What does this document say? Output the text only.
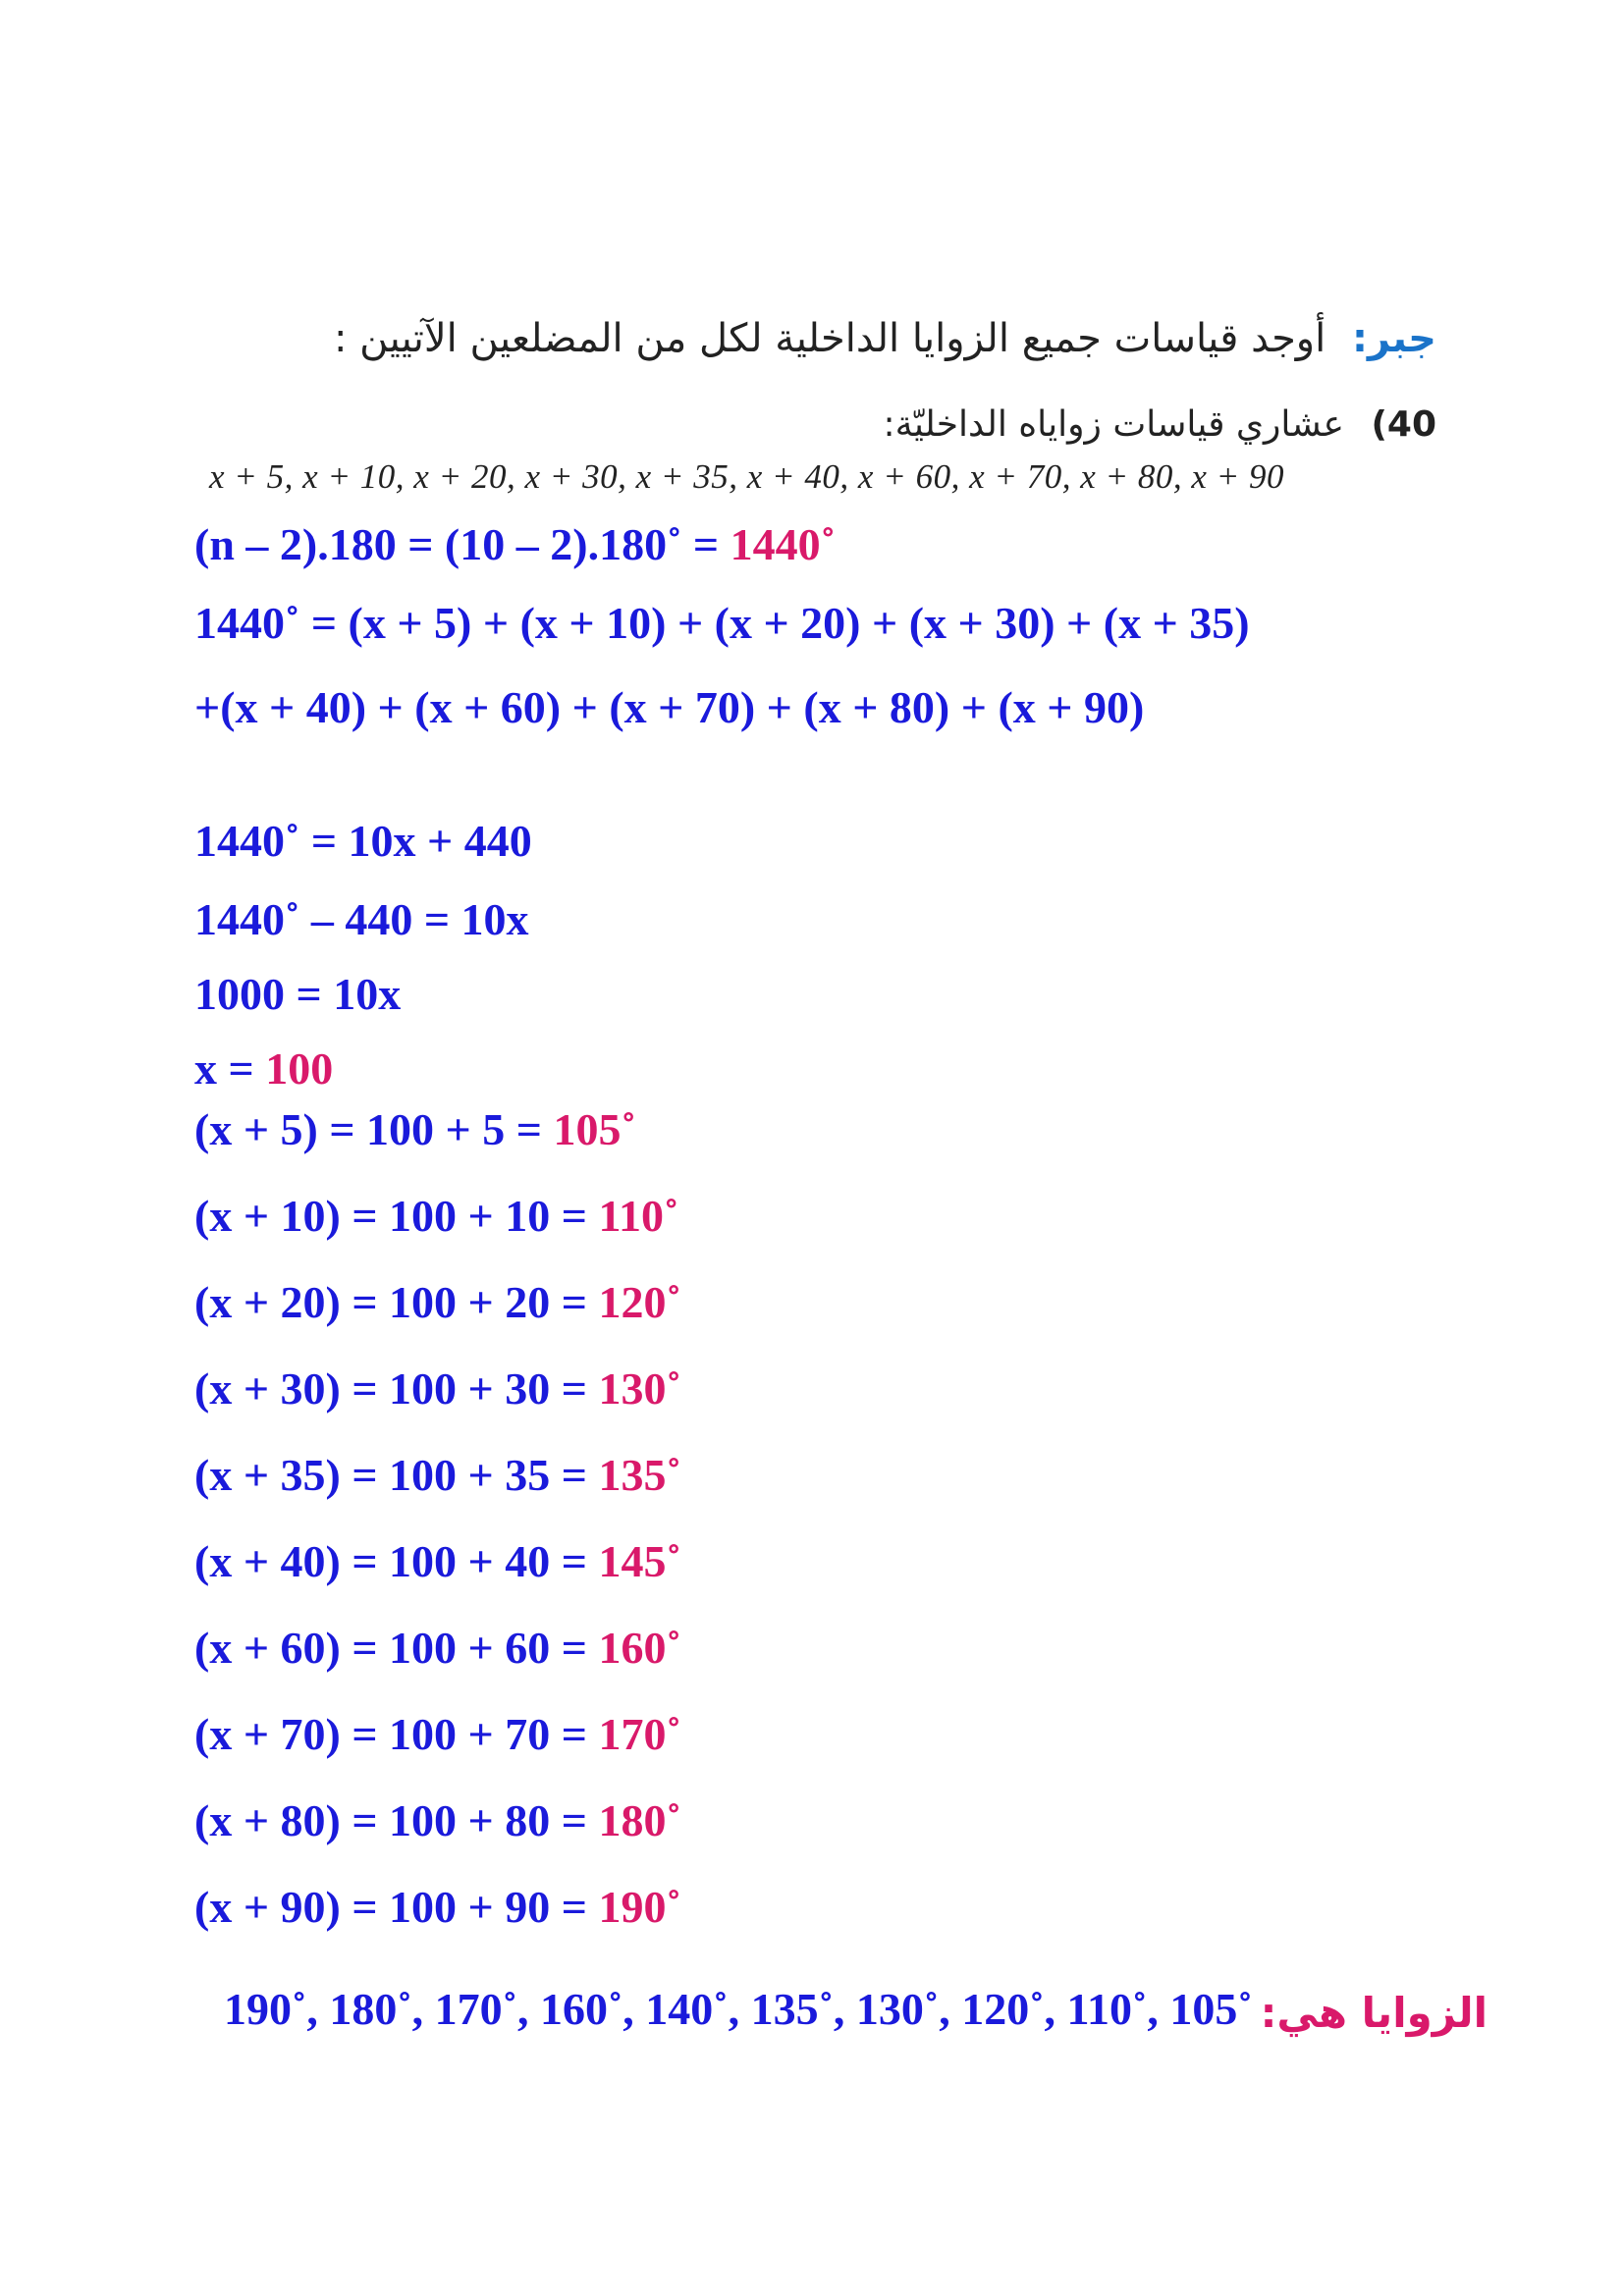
جبر: أوجد قياسات جميع الزوايا الداخلية لكل من المضلعين الآتيين :
40) عشاري قياسات زواياه الداخليّة:
x + 5, x + 10, x + 20, x + 30, x + 35, x + 40, x + 60, x + 70, x + 80, x + 90
(n – 2).180 = (10 – 2).180˚ = 1440˚
1440˚ = (x + 5) + (x + 10) + (x + 20) + (x + 30) + (x + 35)
+(x + 40) + (x + 60) + (x + 70) + (x + 80) + (x + 90)
1440˚ = 10x + 440
1440˚ – 440 = 10x
1000 = 10x
x = 100
(x + 5) = 100 + 5 = 105˚
(x + 10) = 100 + 10 = 110˚
(x + 20) = 100 + 20 = 120˚
(x + 30) = 100 + 30 = 130˚
(x + 35) = 100 + 35 = 135˚
(x + 40) = 100 + 40 = 145˚
(x + 60) = 100 + 60 = 160˚
(x + 70) = 100 + 70 = 170˚
(x + 80) = 100 + 80 = 180˚
(x + 90) = 100 + 90 = 190˚
190˚, 180˚, 170˚, 160˚, 140˚, 135˚, 130˚, 120˚, 110˚, 105˚ الزوايا هي:
